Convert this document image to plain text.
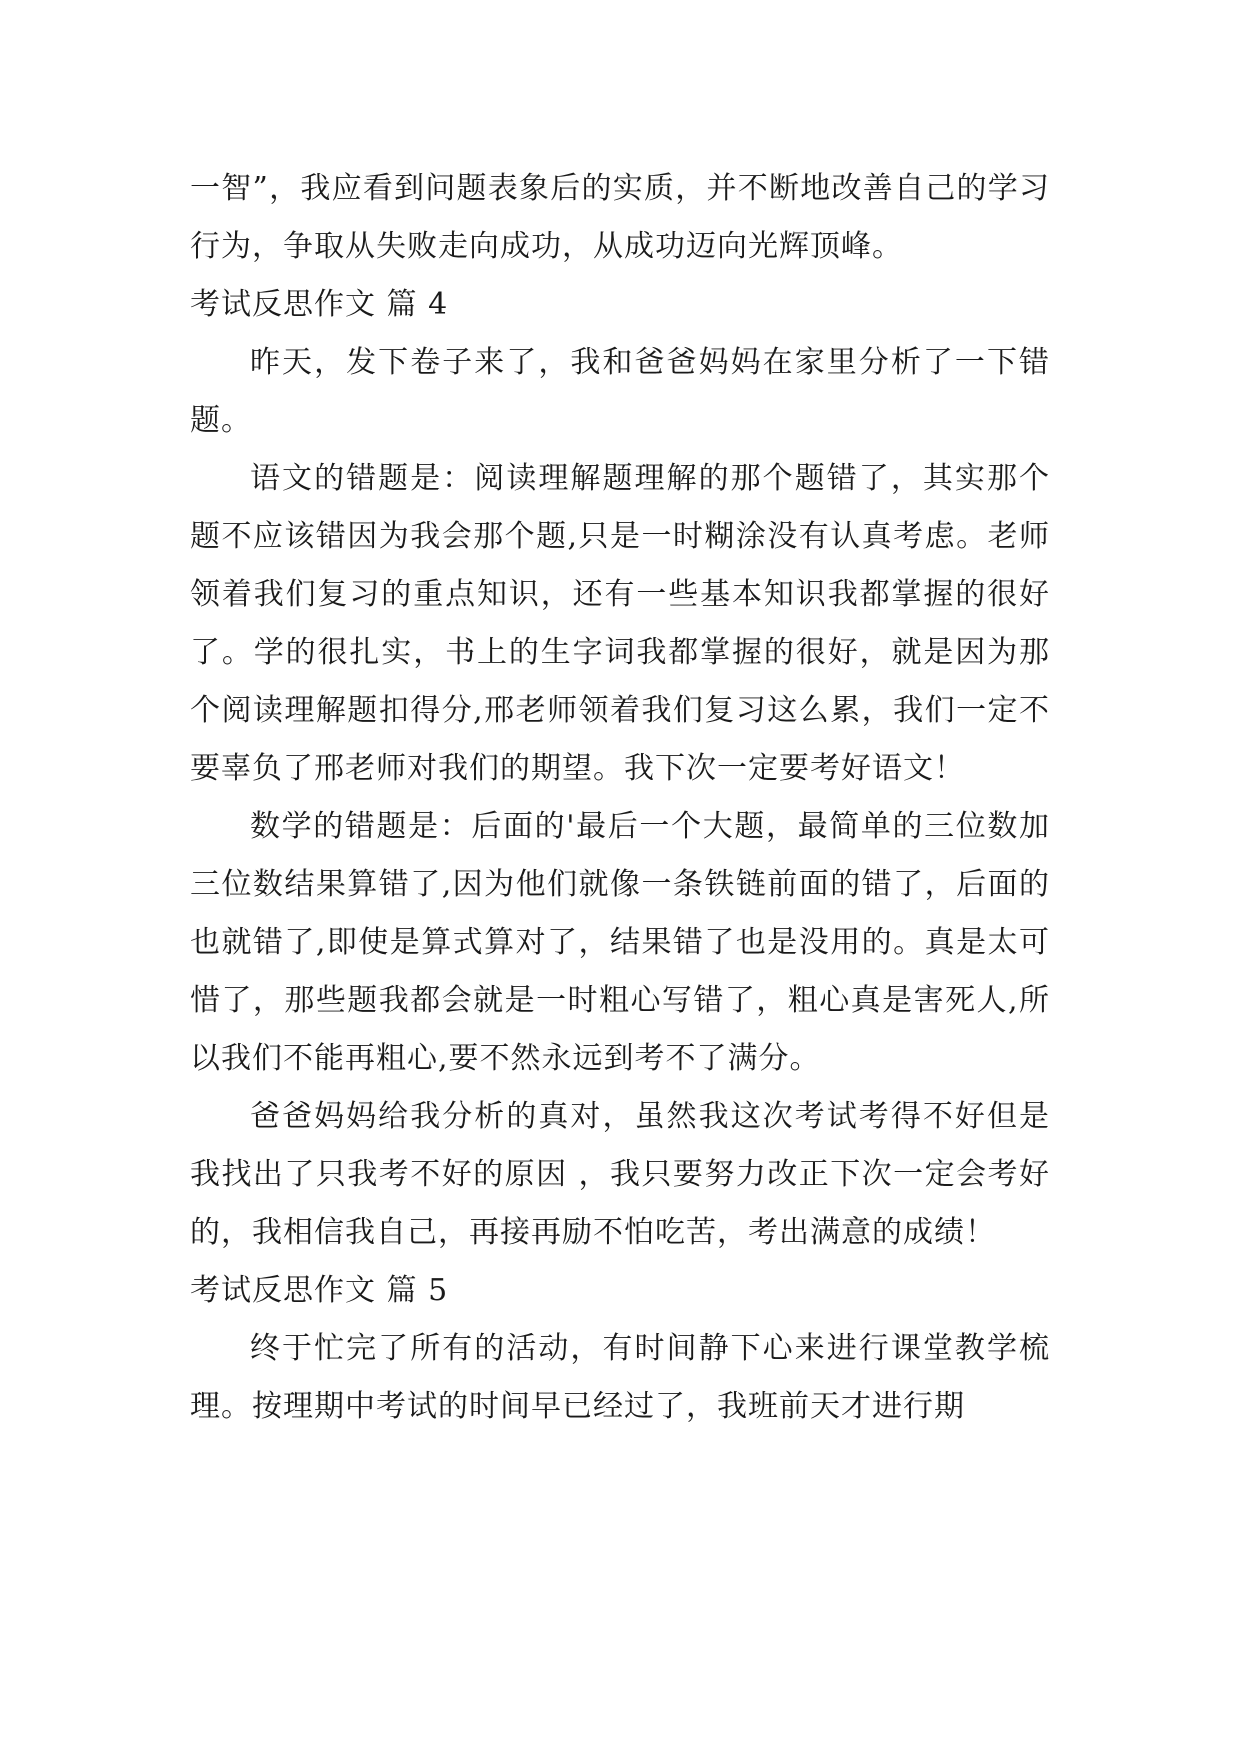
一智”，我应看到问题表象后的实质，并不断地改善自己的学习行为，争取从失败走向成功，从成功迈向光辉顶峰。

考试反思作文 篇 4

昨天，发下卷子来了，我和爸爸妈妈在家里分析了一下错题。

语文的错题是：阅读理解题理解的那个题错了，其实那个题不应该错因为我会那个题,只是一时糊涂没有认真考虑。老师领着我们复习的重点知识，还有一些基本知识我都掌握的很好了。学的很扎实，书上的生字词我都掌握的很好，就是因为那个阅读理解题扣得分,邢老师领着我们复习这么累，我们一定不要辜负了邢老师对我们的期望。我下次一定要考好语文！

数学的错题是：后面的'最后一个大题，最简单的三位数加三位数结果算错了,因为他们就像一条铁链前面的错了，后面的也就错了,即使是算式算对了，结果错了也是没用的。真是太可惜了，那些题我都会就是一时粗心写错了，粗心真是害死人,所以我们不能再粗心,要不然永远到考不了满分。

爸爸妈妈给我分析的真对，虽然我这次考试考得不好但是我找出了只我考不好的原因 ，我只要努力改正下次一定会考好的，我相信我自己，再接再励不怕吃苦，考出满意的成绩！

考试反思作文 篇 5

终于忙完了所有的活动，有时间静下心来进行课堂教学梳理。按理期中考试的时间早已经过了，我班前天才进行期
